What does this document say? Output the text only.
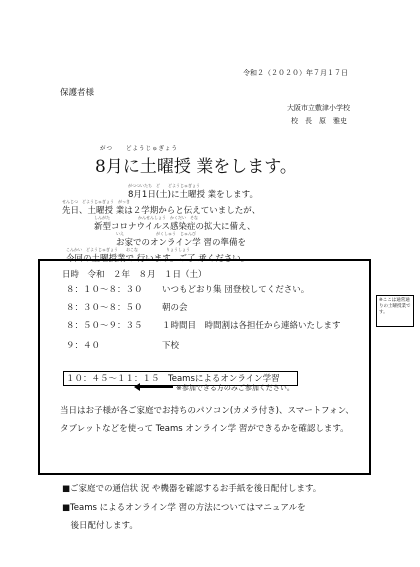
令和２（２０２０）年７月１７日
保護者様
大阪市立敷津小学校
校　長　原　雅史
がつ　　どようじゅぎょう
8月に土曜授 業をします。
がつついたち　ど　　どようじゅぎょう
8月1日(土)に土曜授 業をします。
せんじつ　どようじゅぎょう　がっき
先日、土曜授 業は２学期からと伝えていましたが、
しんがた　　　　　　　かんせんしょう　かくだい　そな
新型コロナウイルス感染症の拡大に備え、
いえ　　　　　　　　がくしゅう　じゅんび
お家でのオンライン学 習の準備を
こんかい　どようじゅぎょう　　おこな　　　　　　　りょうしょう
今回の土曜授業で 行います。ご了 承ください。
日時　令和　２年　８月　１日（土）
８：１０～８：３０ いつもどおり集 団登校してください。
８：３０～８：５０ 朝の会
８：５０～９：３５ １時間目　時間割は各担任から連絡いたします
９：４０	下校
※ここは通常通りの土曜授業です。
１０：４５～１１：１５　Teamsによるオンライン学習
※参加できる方のみご参加ください。
当日はお子様が各ご家庭でお持ちのパソコン(カメラ付き)、スマートフォン、
タブレットなどを使って Teams オンライン学 習ができるかを確認します。
■ご家庭での通信状 況 や機器を確認するお手紙を後日配付します。
■Teams によるオンライン学 習の方法についてはマニュアルを
　後日配付します。
